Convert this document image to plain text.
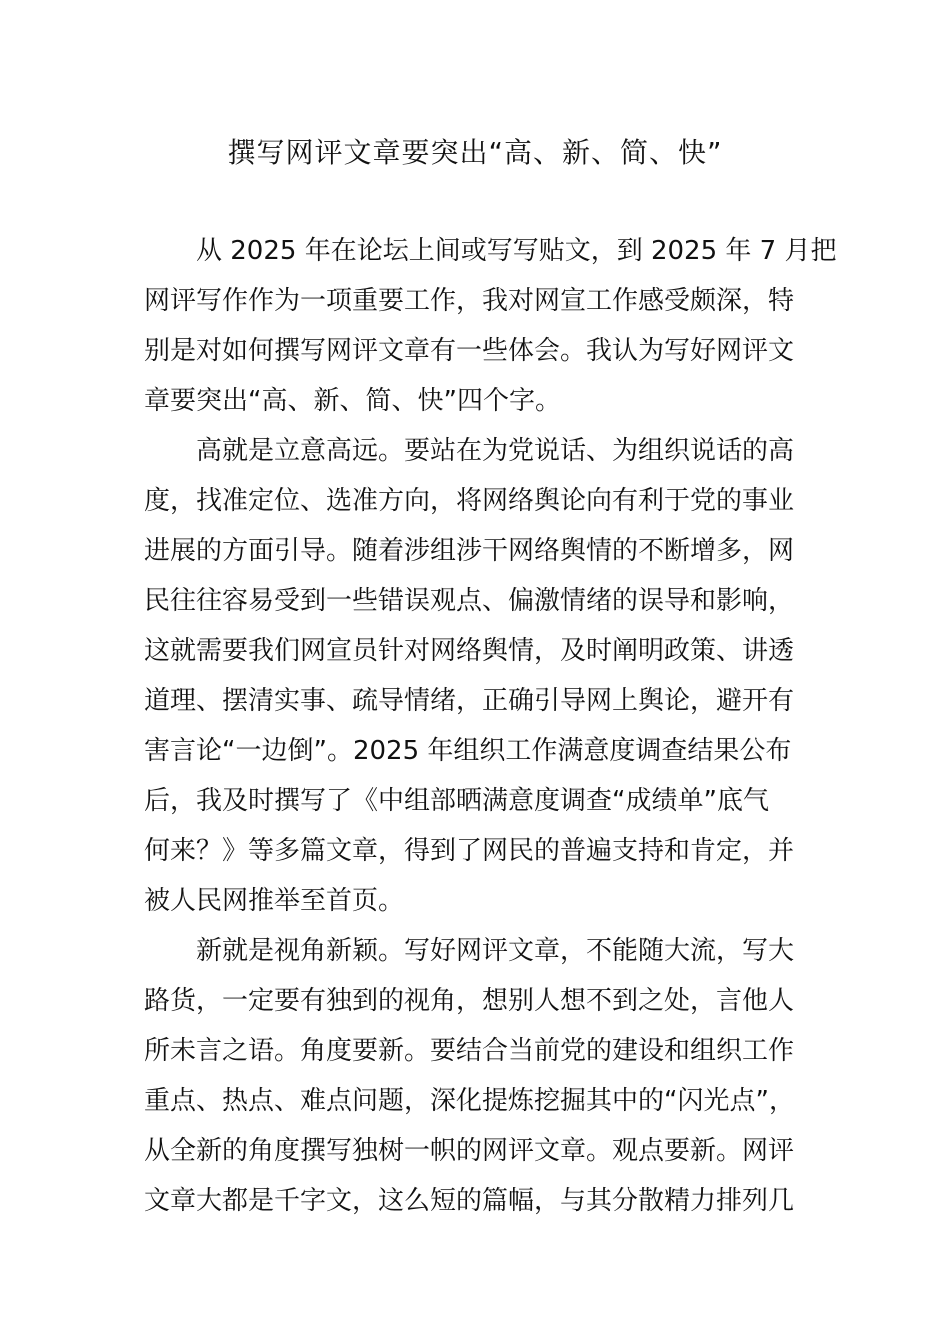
撰写网评文章要突出“高、新、简、快”

从 2025 年在论坛上间或写写贴文，到 2025 年 7 月把
网评写作作为一项重要工作，我对网宣工作感受颇深，特
别是对如何撰写网评文章有一些体会。我认为写好网评文
章要突出“高、新、简、快”四个字。

高就是立意高远。要站在为党说话、为组织说话的高
度，找准定位、选准方向，将网络舆论向有利于党的事业
进展的方面引导。随着涉组涉干网络舆情的不断增多，网
民往往容易受到一些错误观点、偏激情绪的误导和影响，
这就需要我们网宣员针对网络舆情，及时阐明政策、讲透
道理、摆清实事、疏导情绪，正确引导网上舆论，避开有
害言论“一边倒”。2025 年组织工作满意度调查结果公布
后，我及时撰写了《中组部晒满意度调查“成绩单”底气
何来？》等多篇文章，得到了网民的普遍支持和肯定，并
被人民网推举至首页。

新就是视角新颖。写好网评文章，不能随大流，写大
路货，一定要有独到的视角，想别人想不到之处，言他人
所未言之语。角度要新。要结合当前党的建设和组织工作
重点、热点、难点问题，深化提炼挖掘其中的“闪光点”，
从全新的角度撰写独树一帜的网评文章。观点要新。网评
文章大都是千字文，这么短的篇幅，与其分散精力排列几
